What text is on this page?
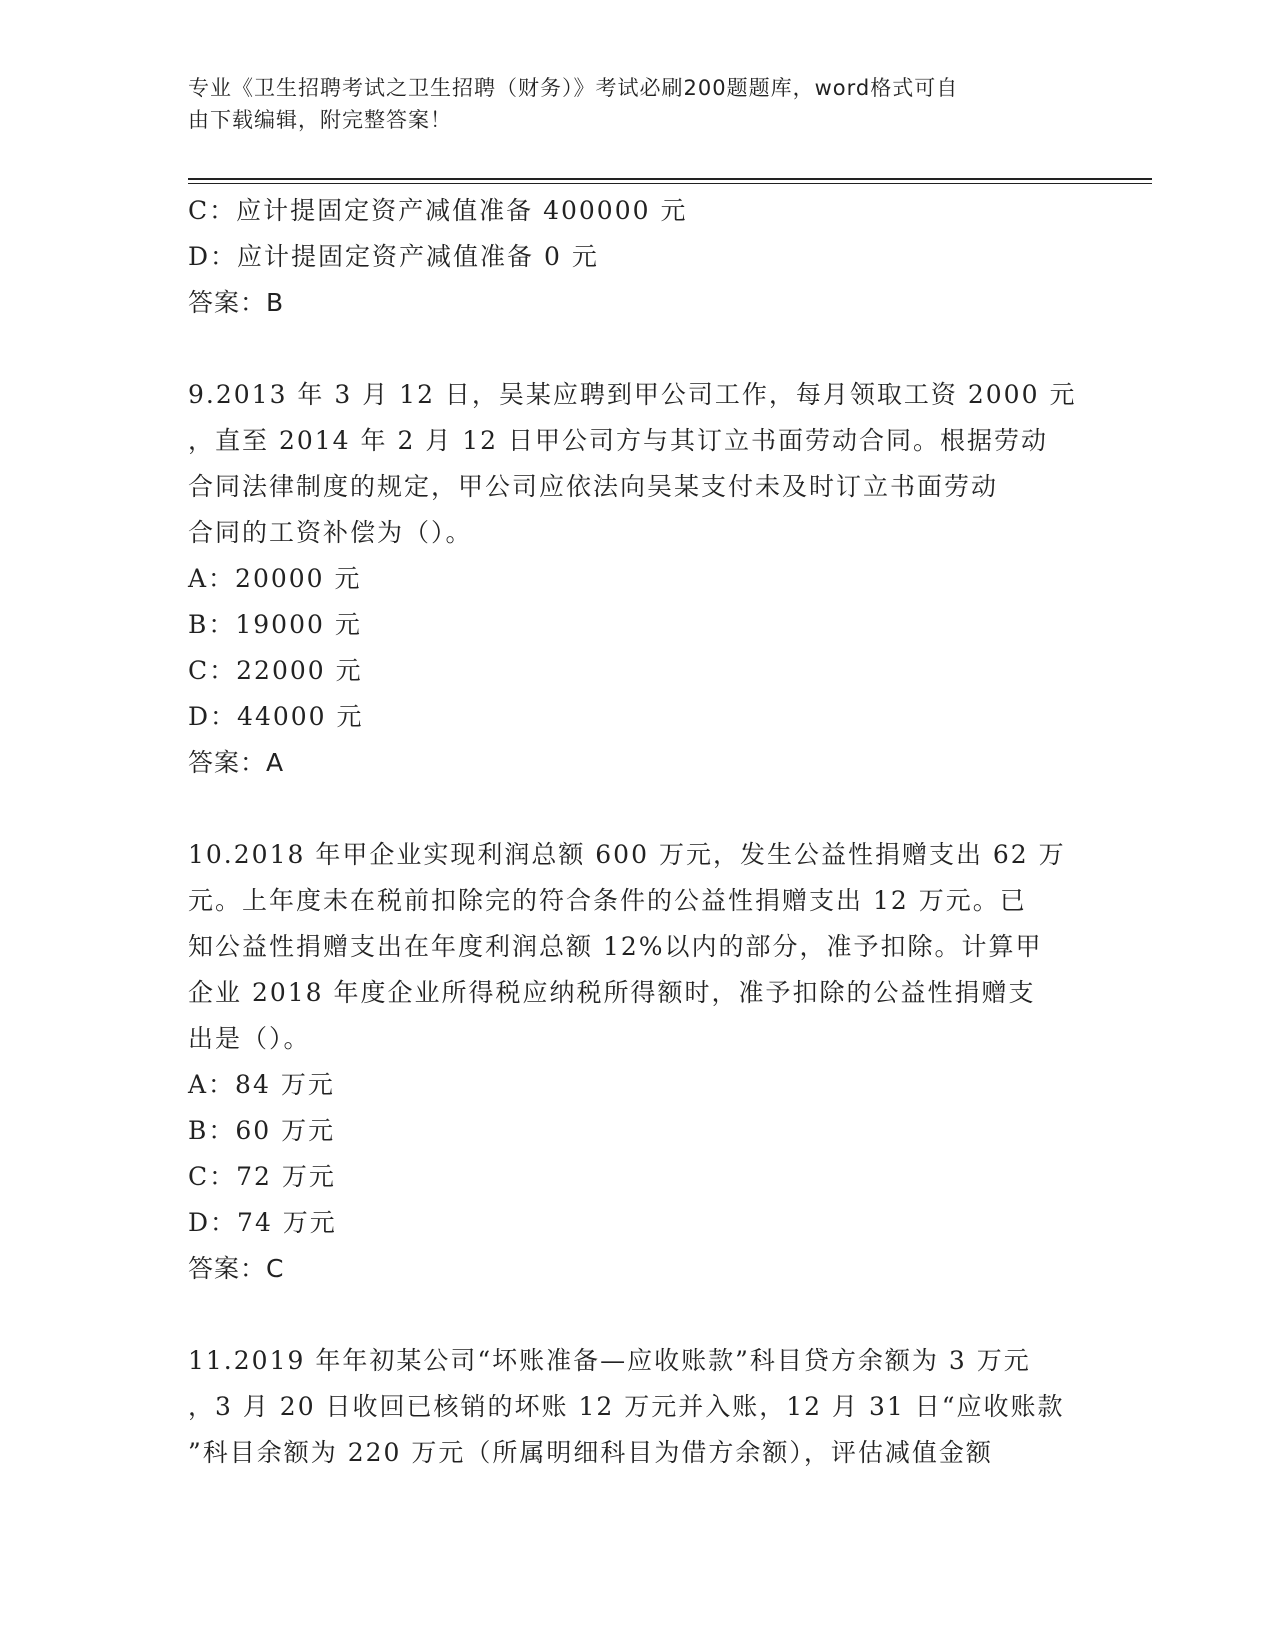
专业《卫生招聘考试之卫生招聘（财务）》考试必刷200题题库，word格式可自
由下载编辑，附完整答案！
C：应计提固定资产减值准备 400000 元
D：应计提固定资产减值准备 0 元
答案：B
9.2013 年 3 月 12 日，吴某应聘到甲公司工作，每月领取工资 2000 元
，直至 2014 年 2 月 12 日甲公司方与其订立书面劳动合同。根据劳动
合同法律制度的规定，甲公司应依法向吴某支付未及时订立书面劳动
合同的工资补偿为（）。
A：20000 元
B：19000 元
C：22000 元
D：44000 元
答案：A
10.2018 年甲企业实现利润总额 600 万元，发生公益性捐赠支出 62 万
元。上年度未在税前扣除完的符合条件的公益性捐赠支出 12 万元。已
知公益性捐赠支出在年度利润总额 12%以内的部分，准予扣除。计算甲
企业 2018 年度企业所得税应纳税所得额时，准予扣除的公益性捐赠支
出是（）。
A：84 万元
B：60 万元
C：72 万元
D：74 万元
答案：C
11.2019 年年初某公司“坏账准备—应收账款”科目贷方余额为 3 万元
，3 月 20 日收回已核销的坏账 12 万元并入账，12 月 31 日“应收账款
”科目余额为 220 万元（所属明细科目为借方余额），评估减值金额
